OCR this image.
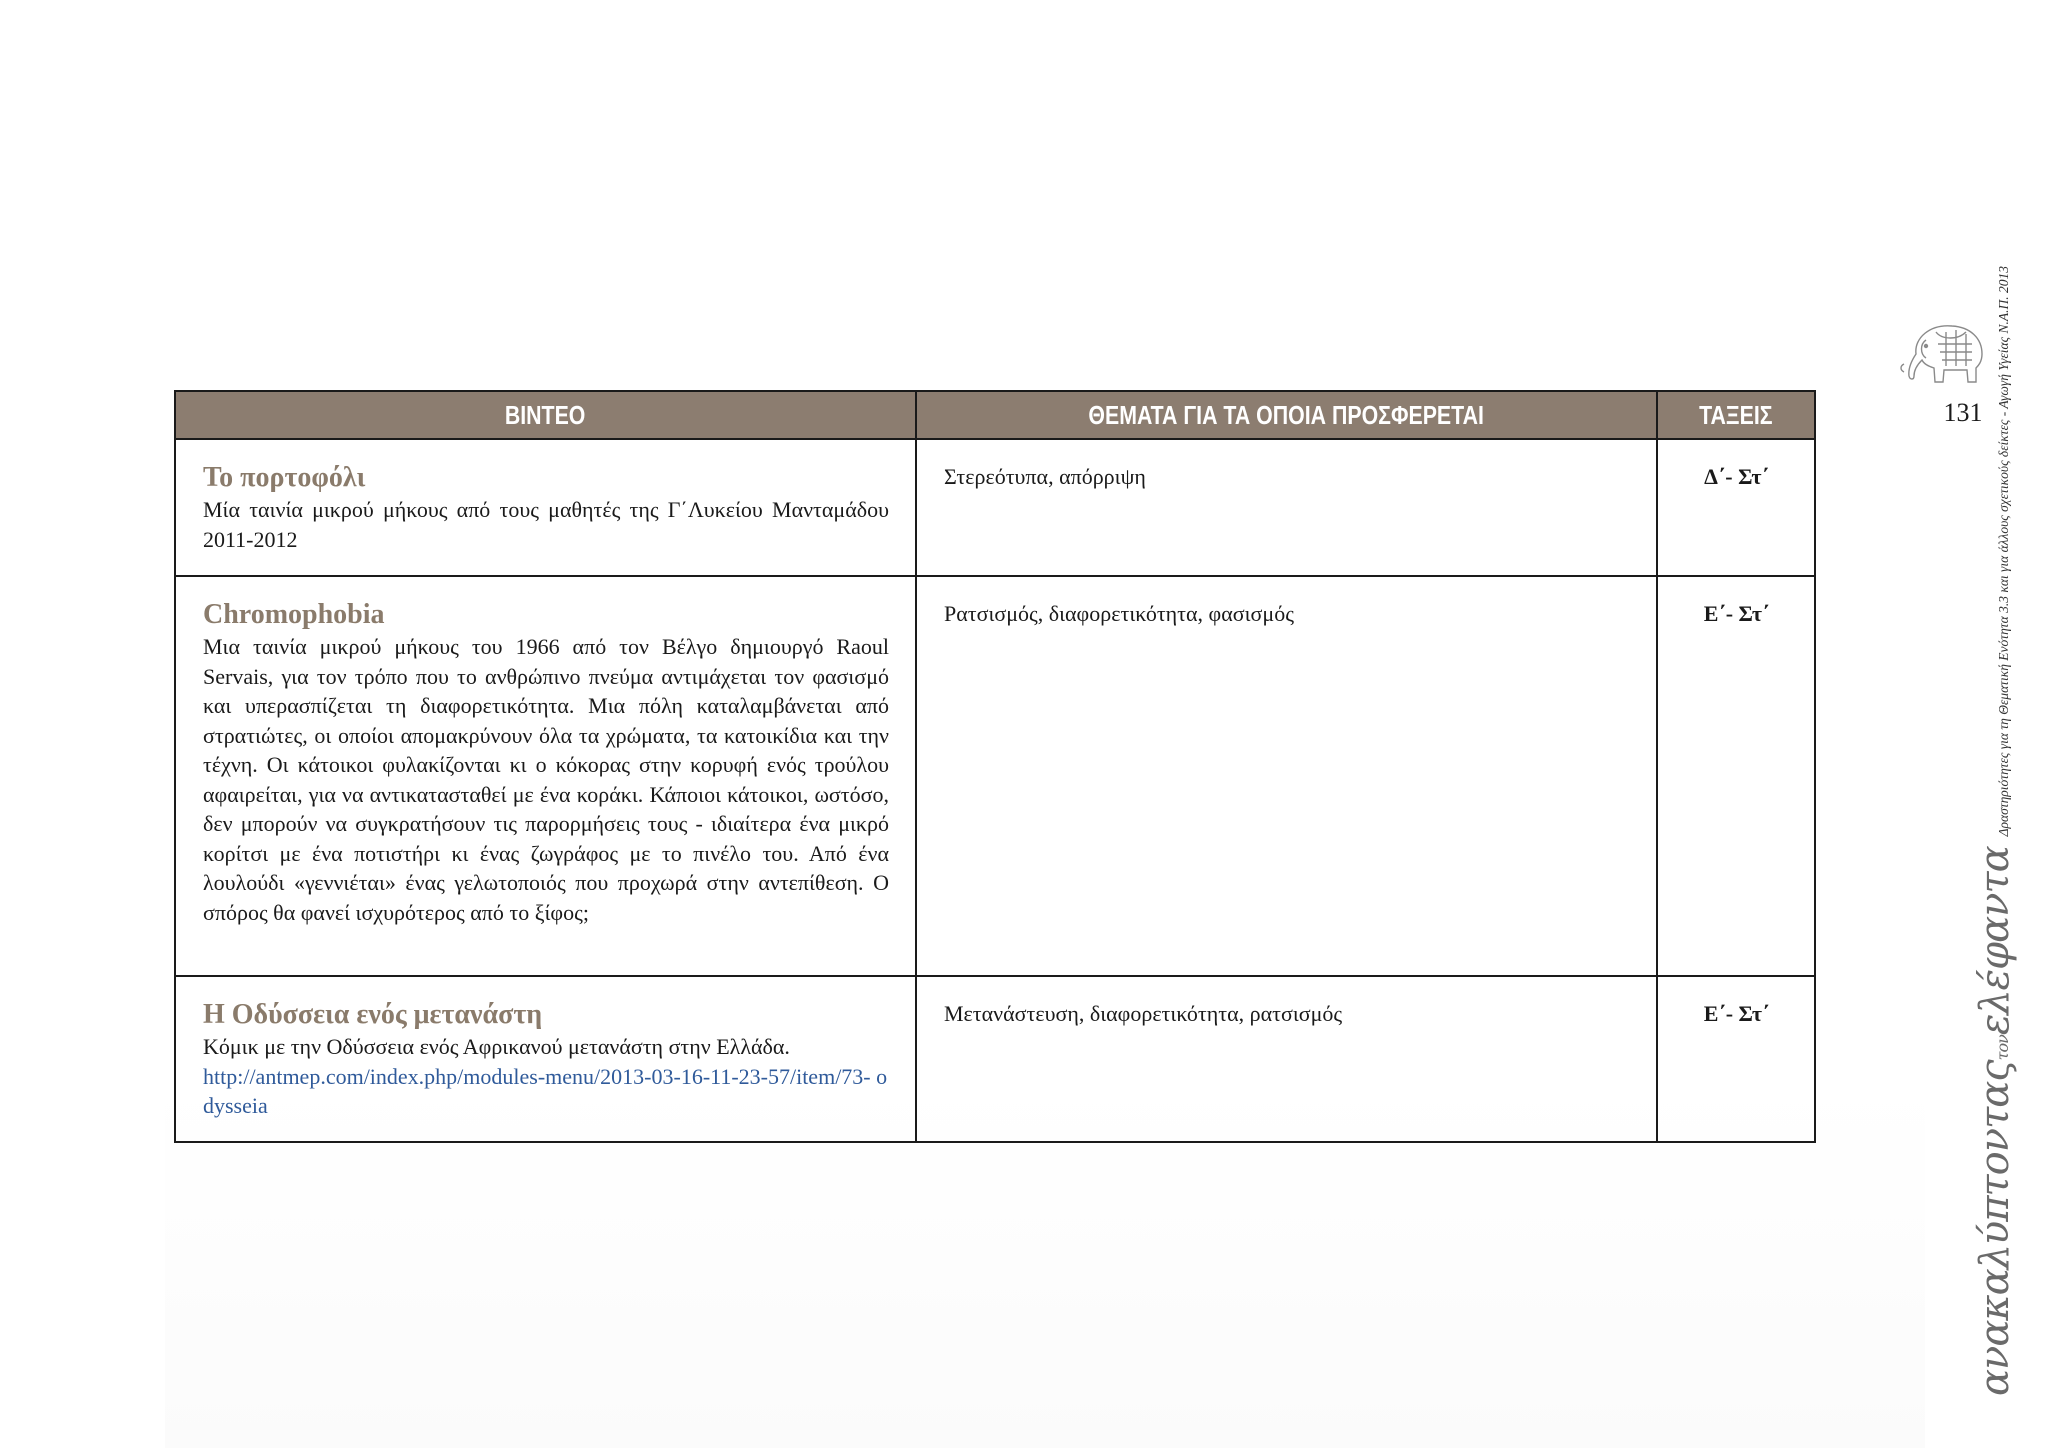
ΒΙΝΤΕΟ	ΘΕΜΑΤΑ ΓΙΑ ΤΑ ΟΠΟΙΑ ΠΡΟΣΦΕΡΕΤΑΙ	ΤΑΞΕΙΣ

Το πορτοφόλι
Μία ταινία μικρού μήκους από τους μαθητές της Γ΄Λυκείου Μανταμάδου 2011-2012	Στερεότυπα, απόρριψη	Δ΄- Στ΄

Chromophobia
Μια ταινία μικρού μήκους του 1966 από τον Βέλγο δημιουργό Raoul Servais, για τον τρόπο που το ανθρώπινο πνεύμα αντιμάχεται τον φασισμό και υπερασπίζεται τη διαφορετικότητα. Μια πόλη καταλαμβάνεται από στρατιώτες, οι οποίοι απομακρύνουν όλα τα χρώματα, τα κατοικίδια και την τέχνη. Οι κάτοικοι φυλακίζονται κι ο κόκορας στην κορυφή ενός τρούλου αφαιρείται, για να αντικατασταθεί με ένα κοράκι. Κάποιοι κάτοικοι, ωστόσο, δεν μπορούν να συγκρατήσουν τις παρορμήσεις τους - ιδιαίτερα ένα μικρό κορίτσι με ένα ποτιστήρι κι ένας ζωγράφος με το πινέλο του. Από ένα λουλούδι «γεννιέται» ένας γελωτοποιός που προχωρά στην αντεπίθεση. Ο σπόρος θα φανεί ισχυρότερος από το ξίφος;	Ρατσισμός, διαφορετικότητα, φασισμός	Ε΄- Στ΄

Η Οδύσσεια ενός μετανάστη
Κόμικ με την Οδύσσεια ενός Αφρικανού μετανάστη στην Ελλάδα.
http://antmep.com/index.php/modules-menu/2013-03-16-11-23-57/item/73- odysseia	Μετανάστευση, διαφορετικότητα, ρατσισμός	Ε΄- Στ΄
131
ανακαλύπτονταςτονελέφαντα
Δραστηριότητες για τη Θεματική Ενότητα 3.3 και για άλλους σχετικούς δείκτες - Αγωγή Υγείας Ν.Α.Π. 2013
